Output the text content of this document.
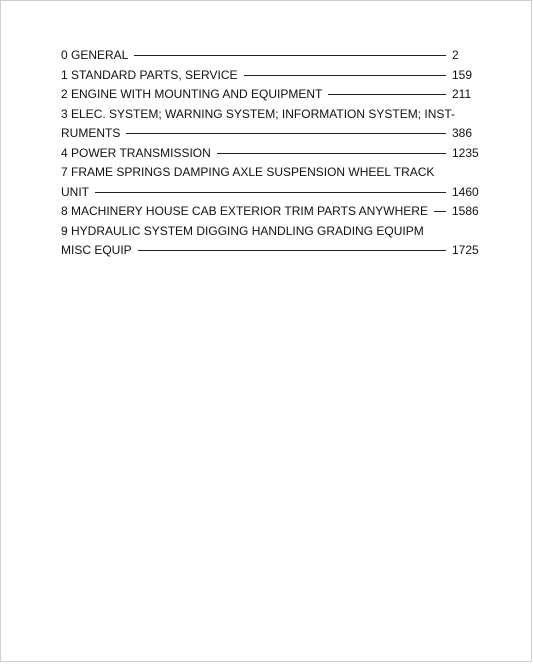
0 GENERAL	2
1 STANDARD PARTS, SERVICE	159
2 ENGINE WITH MOUNTING AND EQUIPMENT	211
3 ELEC. SYSTEM; WARNING SYSTEM; INFORMATION SYSTEM; INST-
RUMENTS	386
4 POWER TRANSMISSION	1235
7 FRAME SPRINGS DAMPING AXLE SUSPENSION WHEEL TRACK
UNIT	1460
8 MACHINERY HOUSE CAB EXTERIOR TRIM PARTS ANYWHERE 1586
9 HYDRAULIC SYSTEM DIGGING HANDLING GRADING EQUIPM
MISC EQUIP	1725
